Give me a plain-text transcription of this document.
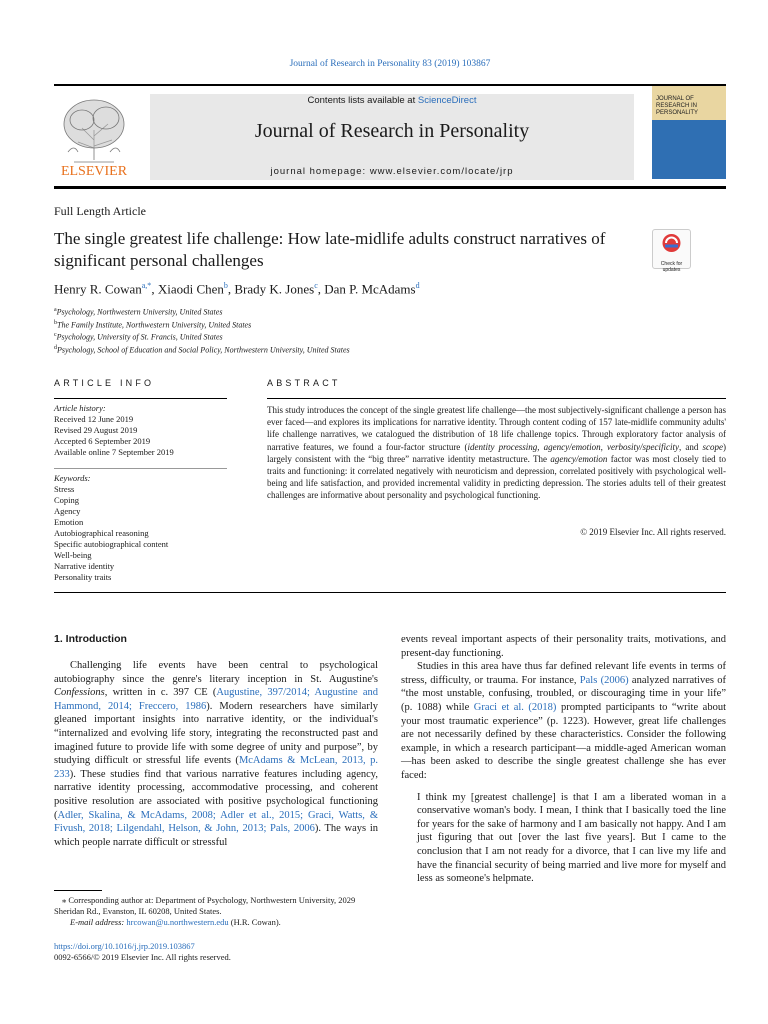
Journal of Research in Personality 83 (2019) 103867
ELSEVIER
Contents lists available at ScienceDirect
Journal of Research in Personality
journal homepage: www.elsevier.com/locate/jrp
JOURNAL OF RESEARCH IN PERSONALITY
Full Length Article
The single greatest life challenge: How late-midlife adults construct narratives of significant personal challenges	Check for updates
Henry R. Cowan$^{a,*}$, Xiaodi Chen$^b$, Brady K. Jones$^c$, Dan P. McAdams$^d$
$^a$Psychology, Northwestern University, United States
$^b$The Family Institute, Northwestern University, United States
$^c$Psychology, University of St. Francis, United States
$^d$Psychology, School of Education and Social Policy, Northwestern University, United States
ARTICLE INFO	ABSTRACT
Article history:
Received 12 June 2019
Revised 29 August 2019
Accepted 6 September 2019
Available online 7 September 2019
Keywords:
Stress
Coping
Agency
Emotion
Autobiographical reasoning
Specific autobiographical content
Well-being
Narrative identity
Personality traits
This study introduces the concept of the single greatest life challenge—the most subjectively-significant challenge a person has ever faced—and explores its implications for narrative identity. Through content coding of 157 late-midlife community adults' life challenge narratives, we catalogued the distribution of 18 life challenge topics. Through exploratory factor analysis of narrative features, we found a four-factor structure (identity processing, agency/emotion, verbosity/specificity, and scope) largely consistent with the “big three” narrative identity metastructure. The agency/emotion factor was most closely tied to traits and functioning: it correlated negatively with neuroticism and depression, correlated positively with psychological well-being and life satisfaction, and provided incremental validity in predicting depression. The stories adults tell of their greatest challenges are informative about personality and psychological functioning.
© 2019 Elsevier Inc. All rights reserved.
1. Introduction
Challenging life events have been central to psychological autobiography since the genre's literary inception in St. Augustine's Confessions, written in c. 397 CE (Augustine, 397/2014; Augustine and Hammond, 2014; Freccero, 1986). Modern researchers have similarly gleaned important insights into narrative identity, or the individual's “internalized and evolving life story, integrating the reconstructed past and imagined future to provide life with some degree of unity and purpose”, by studying difficult or stressful life events (McAdams & McLean, 2013, p. 233). These studies find that various narrative features including agency, narrative identity processing, accommodative processing, and coherent positive resolution are associated with positive psychological functioning (Adler, Skalina, & McAdams, 2008; Adler et al., 2015; Graci, Watts, & Fivush, 2018; Lilgendahl, Helson, & John, 2013; Pals, 2006). The ways in which people narrate difficult or stressful
events reveal important aspects of their personality traits, motivations, and present-day functioning.
Studies in this area have thus far defined relevant life events in terms of stress, difficulty, or trauma. For instance, Pals (2006) analyzed narratives of “the most unstable, confusing, troubled, or discouraging time in your life” (p. 1088) while Graci et al. (2018) prompted participants to “write about your most traumatic experience” (p. 1223). However, great life challenges are not necessarily defined by these characteristics. Consider the following example, in which a research participant—a middle-aged American woman—has been asked to describe the single greatest challenge she has ever faced:
I think my [greatest challenge] is that I am a liberated woman in a conservative woman's body. I mean, I think that I basically toed the line for years for the sake of harmony and I am basically not happy. And I am just figuring that out [over the last five years]. But I came to the conclusion that I am not ready for a divorce, that I can live my life and have the financial security of being married and live more for myself and less as someone's helpmate.
⁎ Corresponding author at: Department of Psychology, Northwestern University, 2029 Sheridan Rd., Evanston, IL 60208, United States.
E-mail address: hrcowan@u.northwestern.edu (H.R. Cowan).
https://doi.org/10.1016/j.jrp.2019.103867
0092-6566/© 2019 Elsevier Inc. All rights reserved.
